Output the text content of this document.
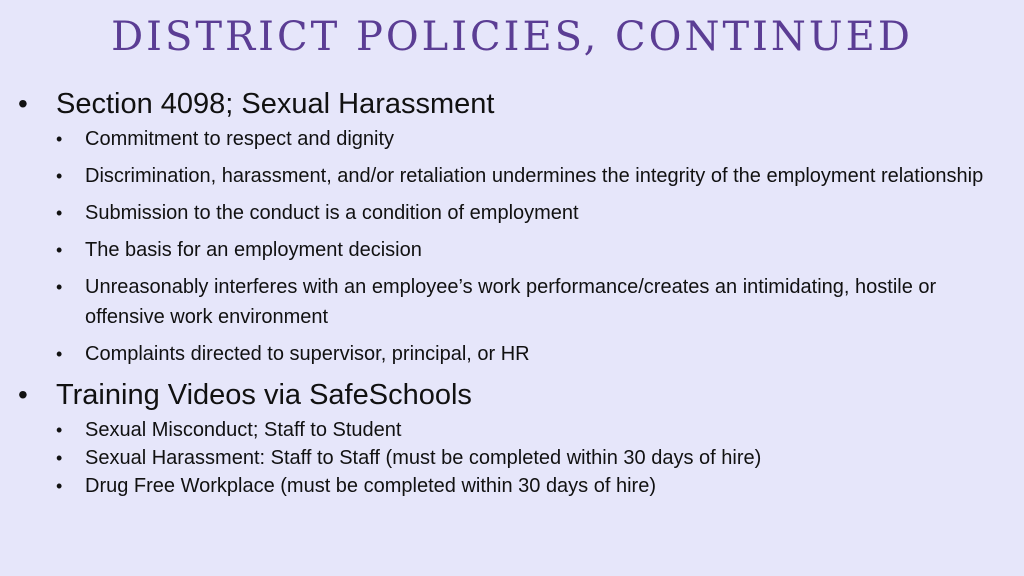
DISTRICT POLICIES, CONTINUED
• Section 4098; Sexual Harassment
•	Commitment to respect and dignity
•	Discrimination, harassment, and/or retaliation undermines the integrity of the employment relationship
•	Submission to the conduct is a condition of employment
•	The basis for an employment decision
•	Unreasonably interferes with an employee’s work performance/creates an intimidating, hostile or offensive work environment
•	Complaints directed to supervisor, principal, or HR
• Training Videos via SafeSchools
•	Sexual Misconduct; Staff to Student
•	Sexual Harassment: Staff to Staff (must be completed within 30 days of hire)
•	Drug Free Workplace (must be completed within 30 days of hire)
